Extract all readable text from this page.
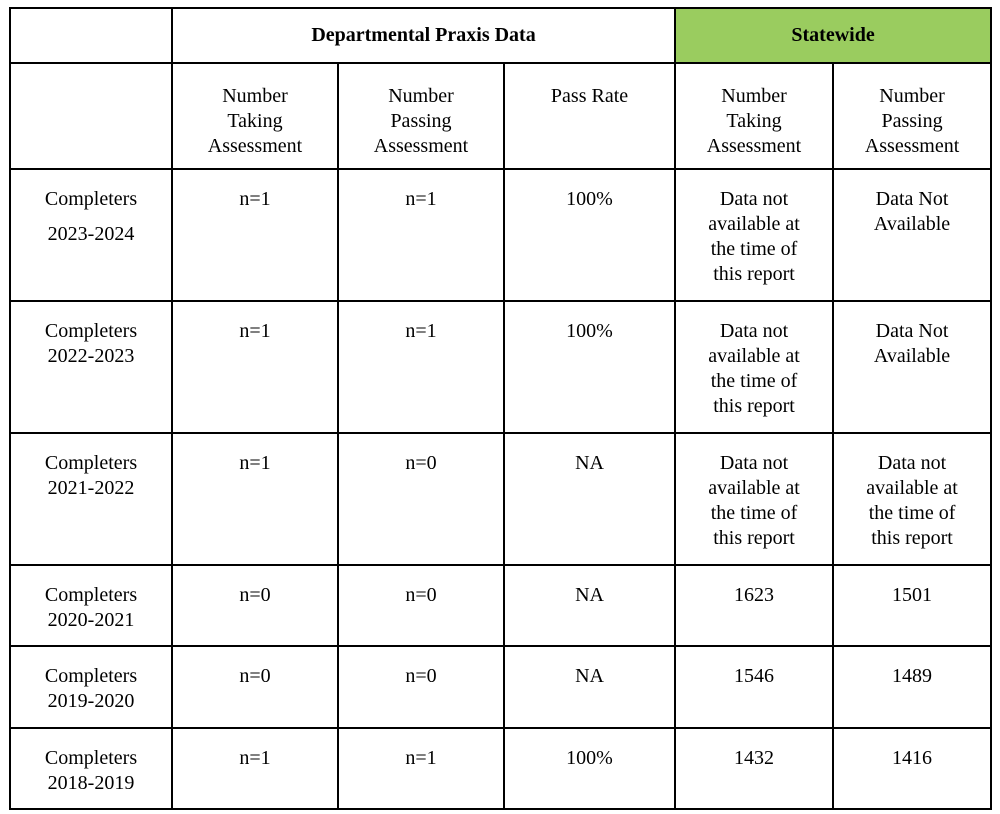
	Departmental Praxis Data			Statewide	

	Number
Taking
Assessment	Number
Passing
Assessment	Pass Rate	Number
Taking
Assessment	Number
Passing
Assessment

Completers
2023-2024	n=1	n=1	100%	Data not
available at
the time of
this report	Data Not
Available

Completers
2022-2023	n=1	n=1	100%	Data not
available at
the time of
this report	Data Not
Available

Completers
2021-2022	n=1	n=0	NA	Data not
available at
the time of
this report	Data not
available at
the time of
this report

Completers
2020-2021	n=0	n=0	NA	1623	1501

Completers
2019-2020	n=0	n=0	NA	1546	1489

Completers
2018-2019	n=1	n=1	100%	1432	1416
